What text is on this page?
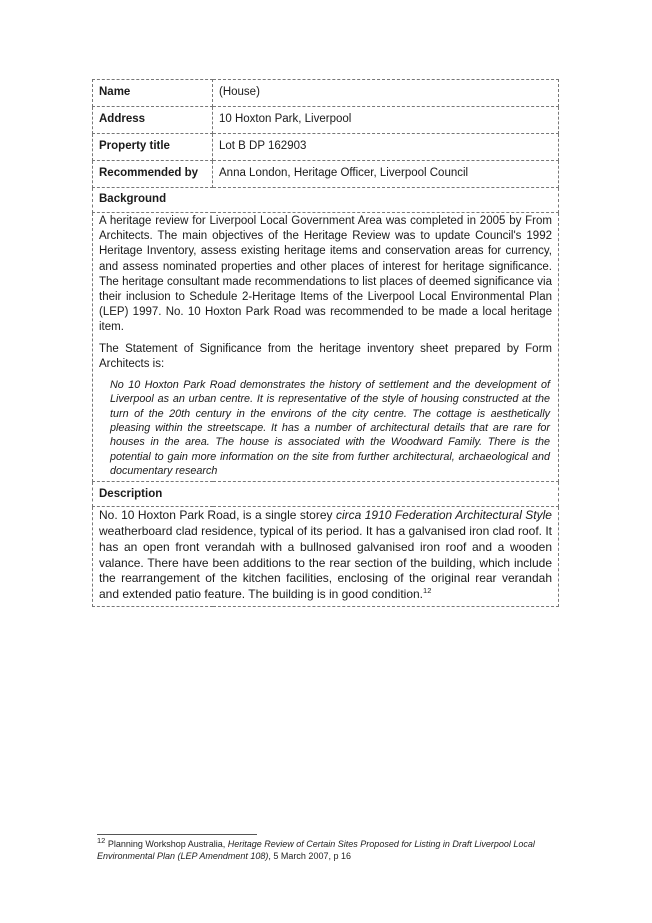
Name	(House)
Address	10 Hoxton Park, Liverpool
Property title	Lot B DP 162903
Recommended by	Anna London, Heritage Officer, Liverpool Council
Background	

A heritage review for Liverpool Local Government Area was completed in 2005 by From Architects. The main objectives of the Heritage Review was to update Council's 1992 Heritage Inventory, assess existing heritage items and conservation areas for currency, and assess nominated properties and other places of interest for heritage significance. The heritage consultant made recommendations to list places of deemed significance via their inclusion to Schedule 2-Heritage Items of the Liverpool Local Environmental Plan (LEP) 1997. No. 10 Hoxton Park Road was recommended to be made a local heritage item.

The Statement of Significance from the heritage inventory sheet prepared by Form Architects is:

No 10 Hoxton Park Road demonstrates the history of settlement and the development of Liverpool as an urban centre. It is representative of the style of housing constructed at the turn of the 20th century in the environs of the city centre. The cottage is aesthetically pleasing within the streetscape. It has a number of architectural details that are rare for houses in the area. The house is associated with the Woodward Family. There is the potential to gain more information on the site from further architectural, archaeological and documentary research	

Description	

No. 10 Hoxton Park Road, is a single storey circa 1910 Federation Architectural Style weatherboard clad residence, typical of its period. It has a galvanised iron clad roof. It has an open front verandah with a bullnosed galvanised iron roof and a wooden valance. There have been additions to the rear section of the building, which include the rearrangement of the kitchen facilities, enclosing of the original rear verandah and extended patio feature. The building is in good condition.$^{12}$

$^{12}$ Planning Workshop Australia, Heritage Review of Certain Sites Proposed for Listing in Draft Liverpool Local Environmental Plan (LEP Amendment 108), 5 March 2007, p 16
